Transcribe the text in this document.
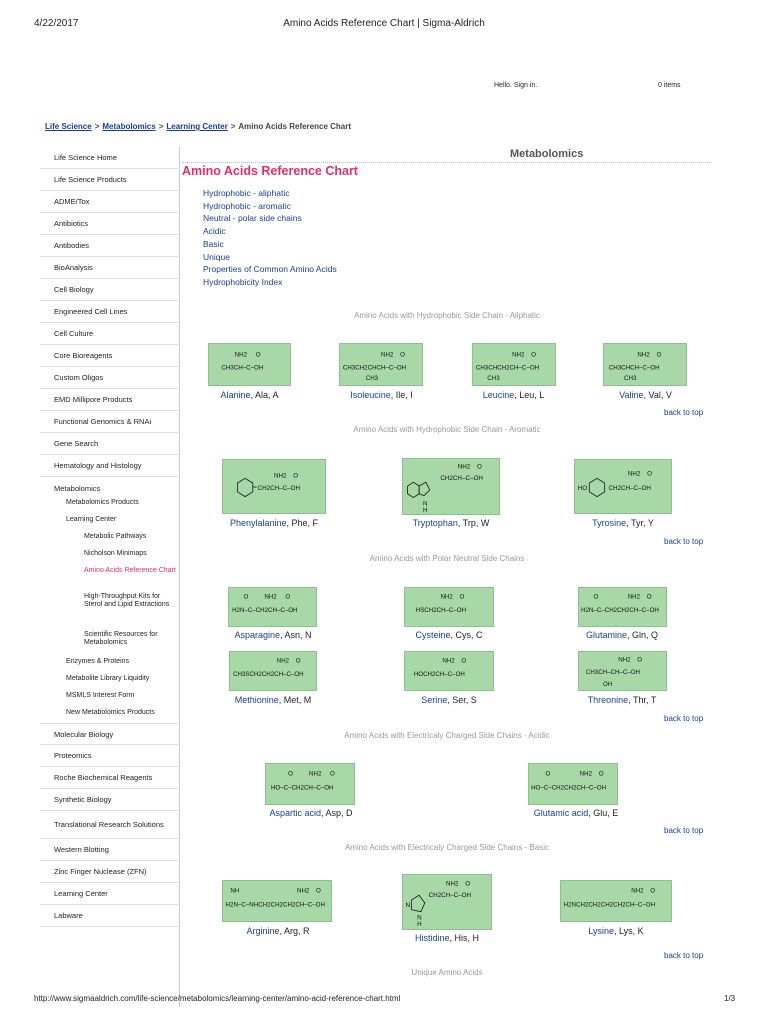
4/22/2017	Amino Acids Reference Chart | Sigma-Aldrich
Hello. Sign in.	0 items
Life Science > Metabolomics > Learning Center > Amino Acids Reference Chart
Life Science Home
Life Science Products
ADME/Tox
Antibiotics
Antibodies
BioAnalysis
Cell Biology
Engineered Cell Lines
Cell Culture
Core Bioreagents
Custom Oligos
EMD Millipore Products
Functional Genomics & RNAi
Gene Search
Hematology and Histology
Metabolomics
Metabolomics Products
Learning Center
Metabolic Pathways
Nicholson Minimaps
Amino Acids Reference Chart
High-Throughput Kits for Sterol and Lipid Extractions
Scientific Resources for Metabolomics
Enzymes & Proteins
Metabolite Library Liquidity
MSMLS Interest Form
New Metabolomics Products
Molecular Biology
Proteomics
Roche Biochemical Reagents
Synthetic Biology
Translational Research Solutions
Western Blotting
Zinc Finger Nuclease (ZFN)
Learning Center
Labware
Metabolomics
Amino Acids Reference Chart
Hydrophobic - aliphatic
Hydrophobic - aromatic
Neutral - polar side chains
Acidic
Basic
Unique
Properties of Common Amino Acids
Hydrophobicity Index
Amino Acids with Hydrophobic Side Chain - Aliphatic
NH2 O
CH3CH–C–OH
Alanine, Ala, A
NH2 O
CH3CH2CHCH–C–OH
CH3
Isoleucine, Ile, I
NH2 O
CH3CHCH2CH–C–OH
CH3
Leucine, Leu, L
NH2 O
CH3CHCH–C–OH
CH3
Valine, Val, V
back to top
Amino Acids with Hydrophobic Side Chain - Aromatic
NH2 O
CH2CH–C–OH
Phenylalanine, Phe, F
N
H
NH2 O
CH2CH–C–OH
Tryptophan, Trp, W
HO
NH2 O
CH2CH–C–OH
Tyrosine, Tyr, Y
back to top
Amino Acids with Polar Neutral Side Chains
O NH2 O
H2N–C–CH2CH–C–OH
Asparagine, Asn, N
NH2 O
HSCH2CH–C–OH
Cysteine, Cys, C
O	NH2 O
H2N–C–CH2CH2CH–C–OH
Glutamine, Gln, Q
NH2 O
CH3SCH2CH2CH–C–OH
Methionine, Met, M
NH2 O
HOCH2CH–C–OH
Serine, Ser, S
NH2 O
CH3CH–CH–C–OH
OH
Threonine, Thr, T
back to top
Amino Acids with Electricaly Charged Side Chains - Acidic
O NH2 O
HO–C–CH2CH–C–OH
Aspartic acid, Asp, D
O	NH2 O
HO–C–CH2CH2CH–C–OH
Glutamic acid, Glu, E
back to top
Amino Acids with Electricaly Charged Side Chains - Basic
NH	NH2 O
H2N–C–NHCH2CH2CH2CH–C–OH
Arginine, Arg, R
N
N
H
NH2 O
CH2CH–C–OH
Histidine, His, H
NH2 O
H2NCH2CH2CH2CH2CH–C–OH
Lysine, Lys, K
back to top
Unique Amino Acids
http://www.sigmaaldrich.com/life-science/metabolomics/learning-center/amino-acid-reference-chart.html	1/3
